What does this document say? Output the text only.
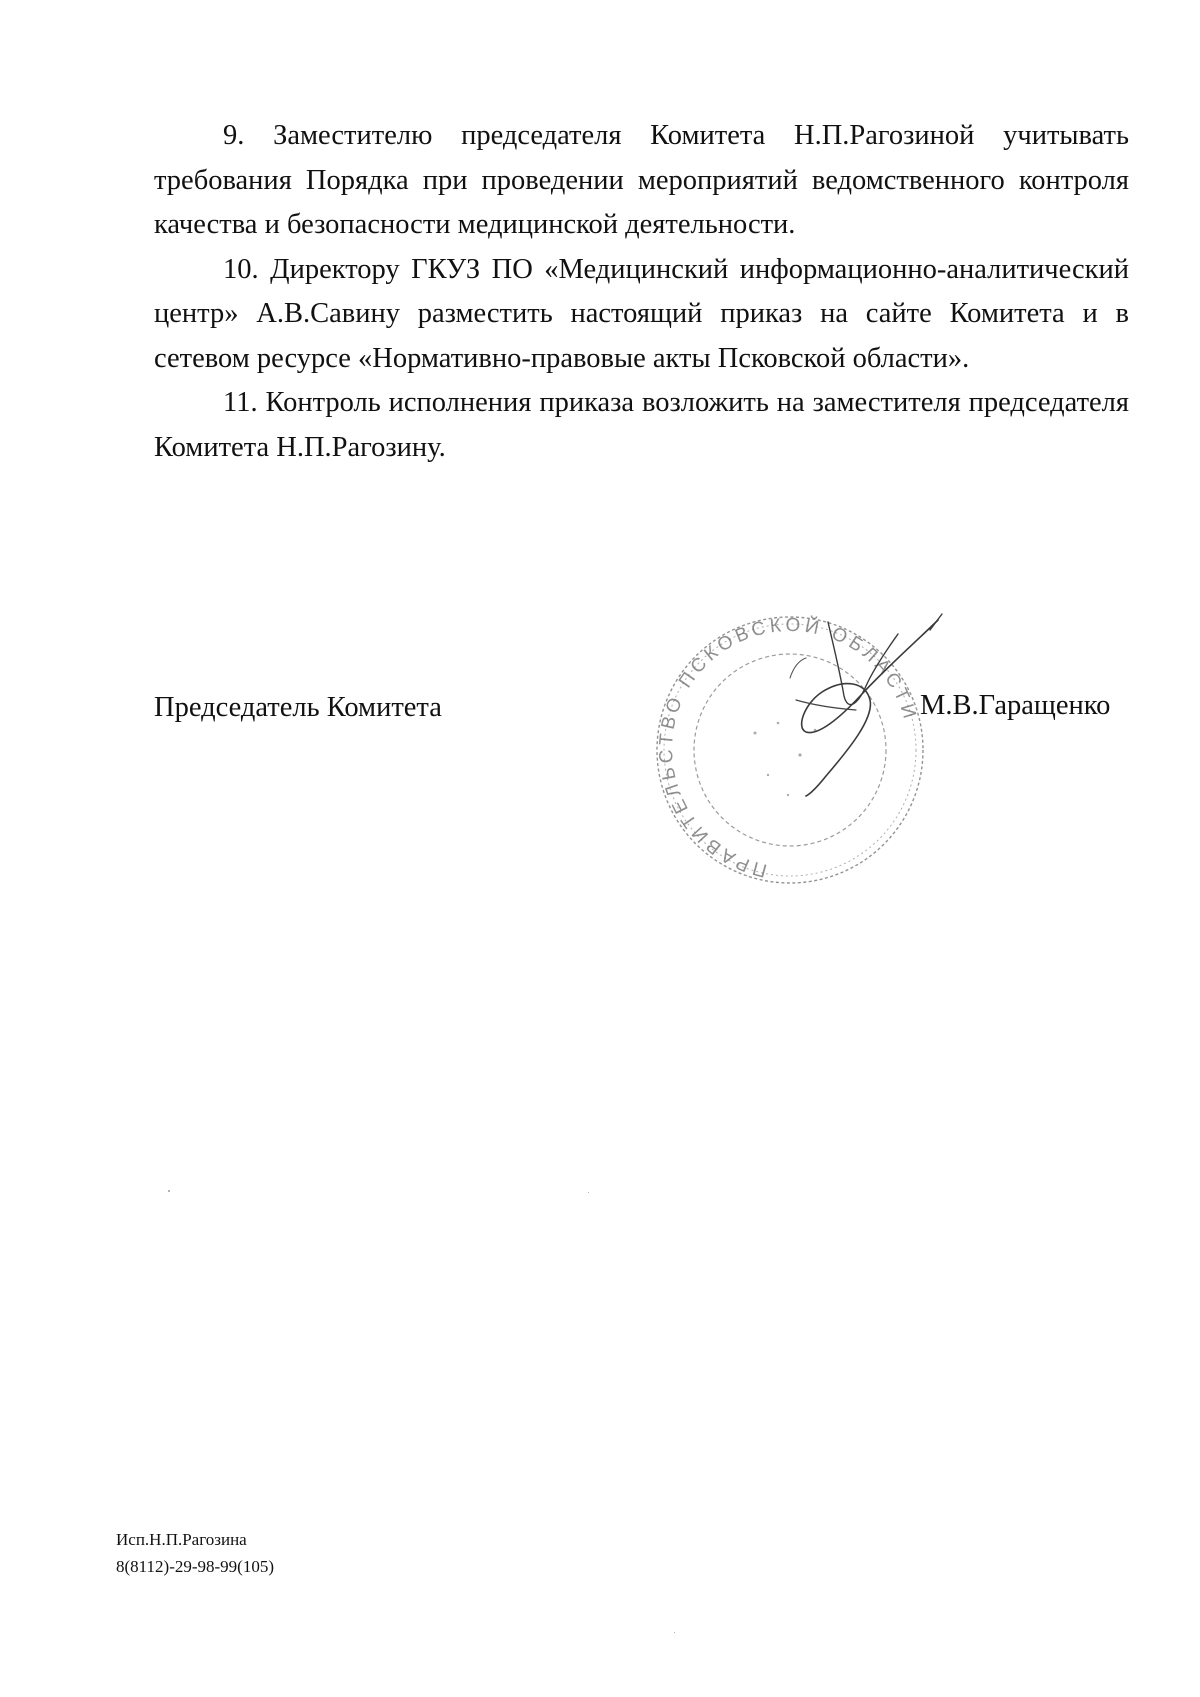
9. Заместителю председателя Комитета Н.П.Рагозиной учитывать требования Порядка при проведении мероприятий ведомственного контроля качества и безопасности медицинской деятельности.

10. Директору ГКУЗ ПО «Медицинский информационно-аналитический центр» А.В.Савину разместить настоящий приказ на сайте Комитета и в сетевом ресурсе «Нормативно-правовые акты Псковской области».

11. Контроль исполнения приказа возложить на заместителя председателя Комитета Н.П.Рагозину.

ПРАВИТЕЛЬСТВО ПСКОВСКОЙ ОБЛАСТИ
Председатель Комитета	М.В.Гаращенко
Исп.Н.П.Рагозина
8(8112)-29-98-99(105)
